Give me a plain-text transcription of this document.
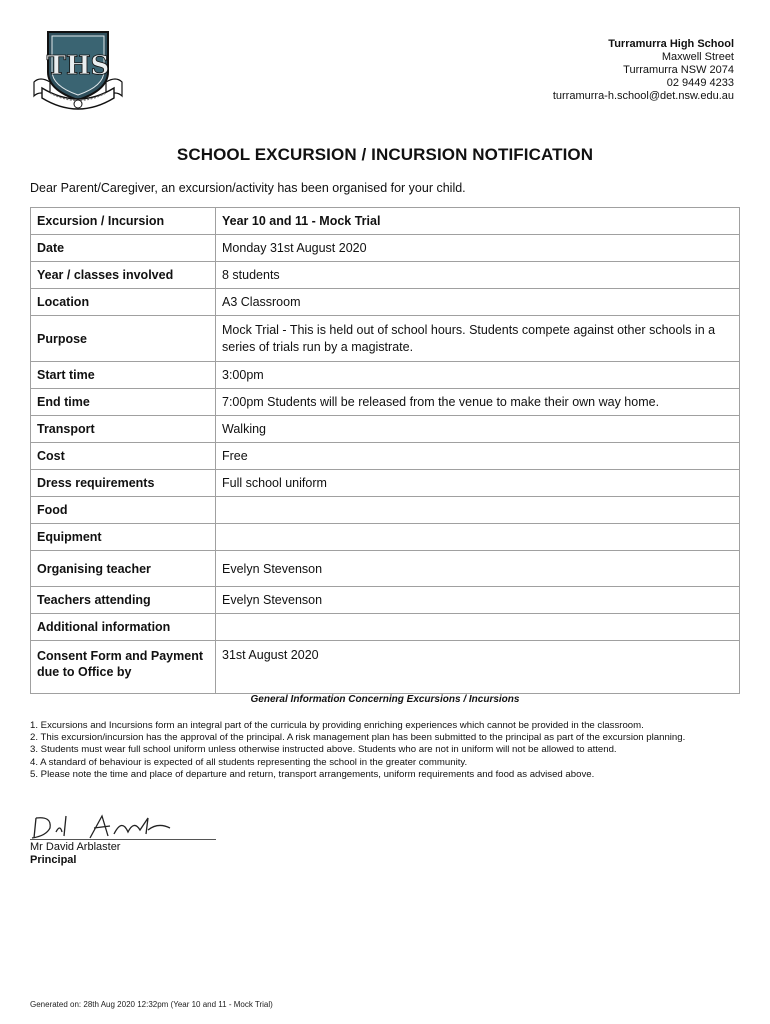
THS
Turramurra High School
Maxwell Street
Turramurra NSW 2074
02 9449 4233
turramurra-h.school@det.nsw.edu.au
SCHOOL EXCURSION / INCURSION NOTIFICATION
Dear Parent/Caregiver, an excursion/activity has been organised for your child.
Excursion / Incursion	Year 10 and 11 - Mock Trial
Date	Monday 31st August 2020
Year / classes involved	8 students
Location	A3 Classroom
Purpose	Mock Trial - This is held out of school hours. Students compete against other schools in a series of trials run by a magistrate.
Start time	3:00pm
End time	7:00pm Students will be released from the venue to make their own way home.
Transport	Walking
Cost	Free
Dress requirements	Full school uniform
Food	
Equipment	
Organising teacher	Evelyn Stevenson
Teachers attending	Evelyn Stevenson
Additional information	
Consent Form and Payment due to Office by	31st August 2020
General Information Concerning Excursions / Incursions
1. Excursions and Incursions form an integral part of the curricula by providing enriching experiences which cannot be provided in the classroom.
2. This excursion/incursion has the approval of the principal. A risk management plan has been submitted to the principal as part of the excursion planning.
3. Students must wear full school uniform unless otherwise instructed above. Students who are not in uniform will not be allowed to attend.
4. A standard of behaviour is expected of all students representing the school in the greater community.
5. Please note the time and place of departure and return, transport arrangements, uniform requirements and food as advised above.
Mr David Arblaster
Principal
Generated on: 28th Aug 2020 12:32pm (Year 10 and 11 - Mock Trial)
